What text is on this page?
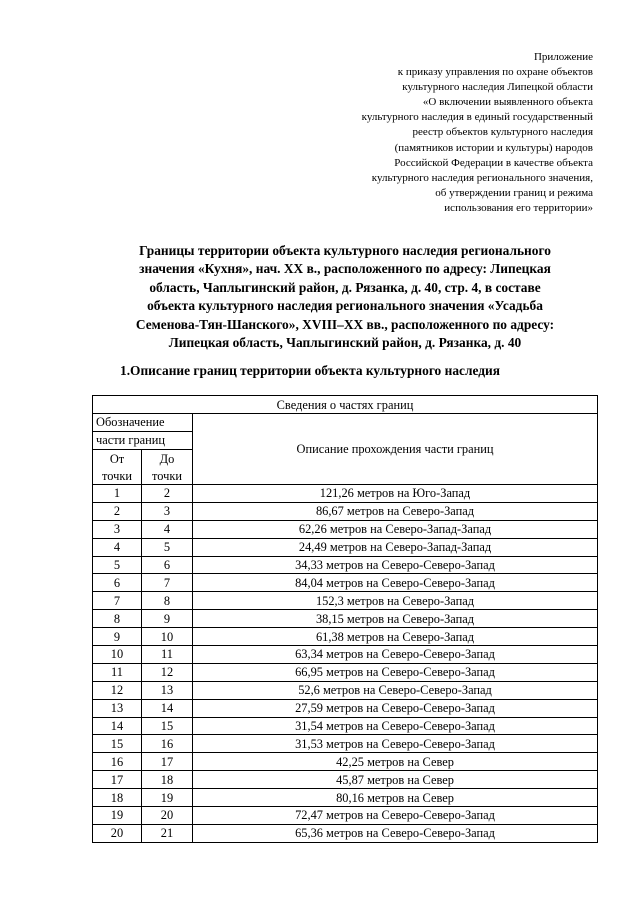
Приложение
к приказу управления по охране объектов
культурного наследия Липецкой области
«О включении выявленного объекта
культурного наследия в единый государственный
реестр объектов культурного наследия
(памятников истории и культуры) народов
Российской Федерации в качестве объекта
культурного наследия регионального значения,
об утверждении границ и режима
использования его территории»
Границы территории объекта культурного наследия регионального
значения «Кухня», нач. XX в., расположенного по адресу: Липецкая
область, Чаплыгинский район, д. Рязанка, д. 40, стр. 4, в составе
объекта культурного наследия регионального значения «Усадьба
Семенова-Тян-Шанского», XVIII–XX вв., расположенного по адресу:
Липецкая область, Чаплыгинский район, д. Рязанка, д. 40
1.Описание границ территории объекта культурного наследия
Сведения о частях границ		
Обозначение		Описание прохождения части границ
части границ		
От	До	
точки	точки	
1	2	121,26 метров на Юго-Запад
2	3	86,67 метров на Северо-Запад
3	4	62,26 метров на Северо-Запад-Запад
4	5	24,49 метров на Северо-Запад-Запад
5	6	34,33 метров на Северо-Северо-Запад
6	7	84,04 метров на Северо-Северо-Запад
7	8	152,3 метров на Северо-Запад
8	9	38,15 метров на Северо-Запад
9	10	61,38 метров на Северо-Запад
10	11	63,34 метров на Северо-Северо-Запад
11	12	66,95 метров на Северо-Северо-Запад
12	13	52,6 метров на Северо-Северо-Запад
13	14	27,59 метров на Северо-Северо-Запад
14	15	31,54 метров на Северо-Северо-Запад
15	16	31,53 метров на Северо-Северо-Запад
16	17	42,25 метров на Север
17	18	45,87 метров на Север
18	19	80,16 метров на Север
19	20	72,47 метров на Северо-Северо-Запад
20	21	65,36 метров на Северо-Северо-Запад
